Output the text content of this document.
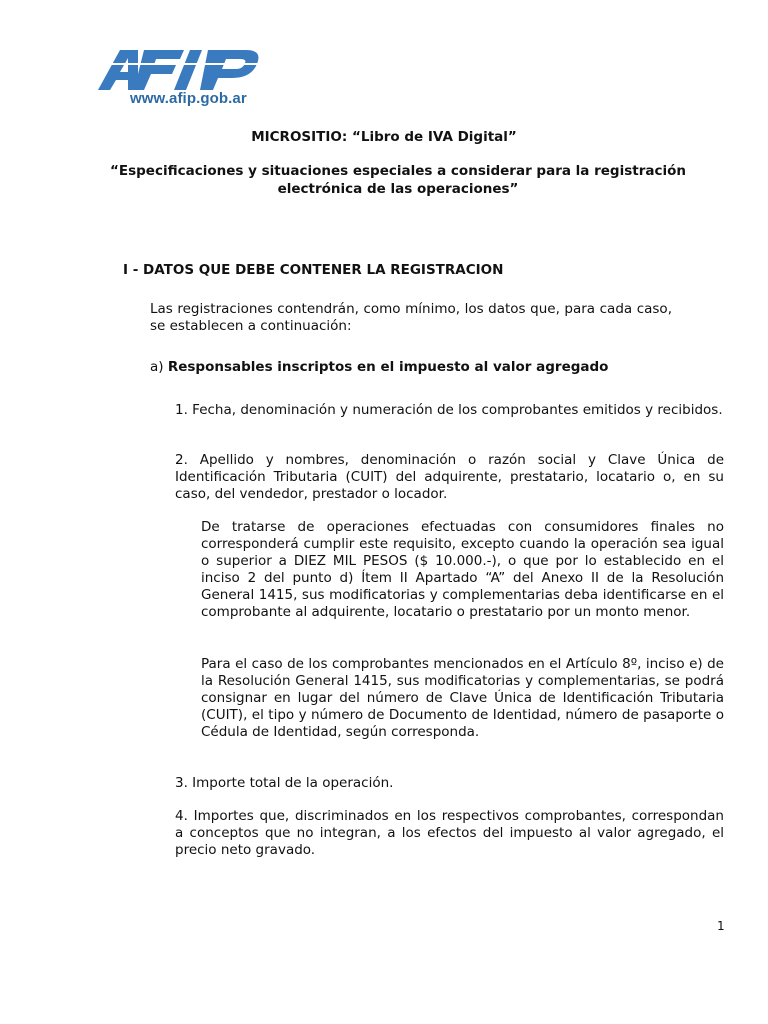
www.afip.gob.ar
MICROSITIO: “Libro de IVA Digital”
“Especificaciones y situaciones especiales a considerar para la registración electrónica de las operaciones”
I - DATOS QUE DEBE CONTENER LA REGISTRACION
Las registraciones contendrán, como mínimo, los datos que, para cada caso, se establecen a continuación:
a) Responsables inscriptos en el impuesto al valor agregado
1. Fecha, denominación y numeración de los comprobantes emitidos y recibidos.
2. Apellido y nombres, denominación o razón social y Clave Única de Identificación Tributaria (CUIT) del adquirente, prestatario, locatario o, en su caso, del vendedor, prestador o locador.
De tratarse de operaciones efectuadas con consumidores finales no corresponderá cumplir este requisito, excepto cuando la operación sea igual o superior a DIEZ MIL PESOS ($ 10.000.-), o que por lo establecido en el inciso 2 del punto d) Ítem II Apartado “A” del Anexo II de la Resolución General 1415, sus modificatorias y complementarias deba identificarse en el comprobante al adquirente, locatario o prestatario por un monto menor.
Para el caso de los comprobantes mencionados en el Artículo 8º, inciso e) de la Resolución General 1415, sus modificatorias y complementarias, se podrá consignar en lugar del número de Clave Única de Identificación Tributaria (CUIT), el tipo y número de Documento de Identidad, número de pasaporte o Cédula de Identidad, según corresponda.
3. Importe total de la operación.
4. Importes que, discriminados en los respectivos comprobantes, correspondan a conceptos que no integran, a los efectos del impuesto al valor agregado, el precio neto gravado.
1
